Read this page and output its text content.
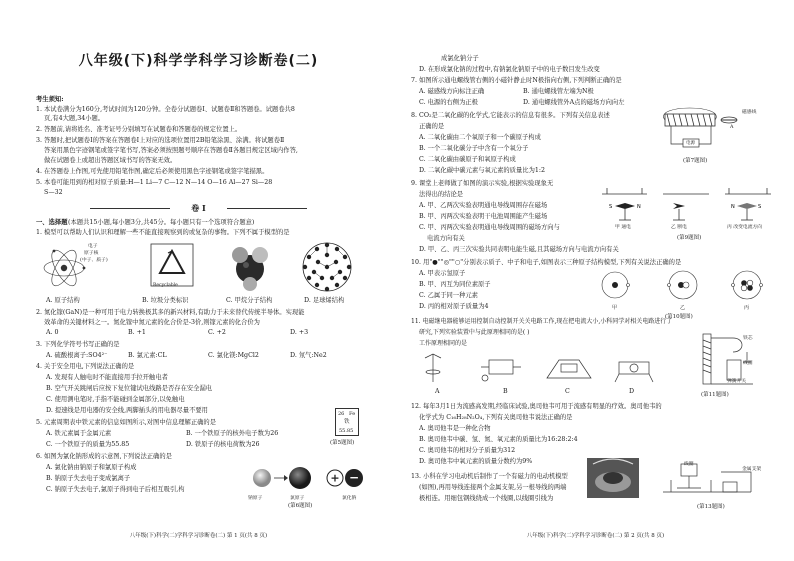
八年级(下)科学学科学习诊断卷(二)
考生须知:
1. 本试卷满分为160分,考试时间为120分钟。全卷分试题卷Ⅰ、试题卷Ⅱ和答题卷。试题卷共8
页,有4大题,34小题。
2. 答题前,请将姓名、准考证号分别填写在试题卷和答题卷的规定位置上。
3. 答题时,把试题卷Ⅰ的答案在答题卷Ⅰ上对应的选项位置用2B铅笔涂黑、涂满。将试题卷Ⅱ
答案用黑色字迹钢笔或签字笔书写,答案必须按照题号顺序在答题卷Ⅱ各题目规定区域内作答,
做在试题卷上或超出答题区域书写的答案无效。
4. 在答题卷上作图,可先使用铅笔作图,确定后必须使用黑色字迹钢笔或签字笔描黑。
5. 本卷可能用到的相对原子质量:H—1 Li—7 C—12 N—14 O—16 Al—27 Si—28
S—32
卷 Ⅰ
一、选择题 (本题共15小题,每小题3分,共45分。每小题只有一个选项符合题意)
1. 模型可以帮助人们认识和理解一些不能直接观察到的或复杂的事物。下列不属于模型的是
原子核
(中子、质子)
电子
A. 原子结构
Recyclable
B. 垃圾分类标识	C. 甲烷分子结构	D. 足球烯结构
2. 氮化镓(GaN)是一种可用于电力转换极其多的新兴材料,有助力于未来替代传统半导体。实现能
效革命的关键材料之一。氮化镓中氮元素的化合价是-3价,则镓元素的化合价为
A. 0	B. +1	C. +2	D. +3
3. 下列化学符号书写正确的是
A. 硫酸根离子:SO4²⁻	B. 氯元素:CL	C. 氯化镁:MgCl2	D. 氖气:Ne2
4. 关于安全用电,下列说法正确的是
A. 发现有人触电时不能直接用手拉开触电者
B. 空气开关跳闸后应按下复位键试电线路是否存在安全漏电
C. 使用测电笔时,手指不能碰到金属部分,以免触电
D. 提速线是用电器的安全线,两脚插头的用电器尽量不要用
5. 元素周期表中铁元素的信息如图所示,对图中信息理解正确的是
A. 铁元素属于金属元素	B. 一个铁原子的核外电子数为26
C. 一个铁原子的质量为55.85	D. 铁原子的核电荷数为26
26 Fe
铁
55.85
(第5题图)
6. 如图为氯化钠形成的示意图,下列说法正确的是
A. 氯化钠由钠原子和氯原子构成
B. 钠原子失去电子变成氯离子
C. 钠原子失去电子,氯原子得到电子后相互吸引,构
+ −
钠原子	氯原子	氯化钠
(第6题图)
八年级(下)科学(二)学科学习诊断卷(二) 第 1 页(共 8 页)
成氯化钠分子
D. 在形成氯化钠的过程中,有钠氯化钠原子中的电子数目发生改变
7. 如图所示通电螺线管右侧的小磁针静止时N极指向右侧,下列判断正确的是
A. 磁感线方向标注正确	B. 通电螺线管左端为N极
C. 电源的右侧为正极	D. 通电螺线管外A点的磁场方向向左
磁感线
A
电源
(第7题图)
8. CO₂是二氧化碳的化学式,它能表示的信息有很多。下列有关信息表述
正确的是
A. 二氧化碳由二个氧原子和一个碳原子构成
B. 一个二氧化碳分子中含有一个氧分子
C. 二氧化碳由碳原子和氧原子构成
D. 二氧化碳中碳元素与氧元素的质量比为1:2
9. 课堂上老师做了如图的演示实验,根据实验现象无
法得出的结论是
A. 甲、乙两次实验表明通电导线周围存在磁场
B. 甲、丙两次实验表明干电池周围能产生磁场
C. 甲、丙两次实验表明通电导线周围的磁场方向与
电流方向有关
D. 甲、乙、丙三次实验共同表明电能生磁,且其磁场方向与电流方向有关
S	N	N	S
甲 通电	乙 断电	丙 改变电流方向
(第9题图)
10. 用"●""◎""○"分别表示质子、中子和电子,如图表示三种原子结构模型,下列有关说法正确的是
A. 甲表示氢原子
B. 甲、丙互为同位素原子
C. 乙属于同一种元素
D. 丙的相对原子质量为4	甲	乙	丙
(第10题图)
11. 电磁继电器能够运用控制自动控制开关关电路工作,现在把电流大小,小科同学对相关电路进行了
研究,下列实验装置中与此原理相同的是( )
工作原理相同的是
A	B	C	D
铁芯
线圈
弹簧开关
(第11题图)
12. 每年3月1日为流感高发期,经临床试验,奥司他韦可用于流感有明显的疗效。奥司他韦的
化学式为 C₁₆H₂₈N₂O₄,下列有关奥司他韦说法正确的是
A. 奥司他韦是一种化合物
B. 奥司他韦中碳、氢、氮、氧元素的质量比为16:28:2:4
C. 奥司他韦的相对分子质量为312
D. 奥司他韦中氧元素的质量分数约为9%
13. 小科在学习电动机后制作了一个有磁力的电动机模型
(如图),再用导线连接两个金属支架,另一根导线的两端
极相连。用细包钢线绕成一个线圈,以线圈引线为
线圈
金属支架
(第13题图)
八年级(下)科学(二)学科学习诊断卷(二) 第 2 页(共 8 页)
